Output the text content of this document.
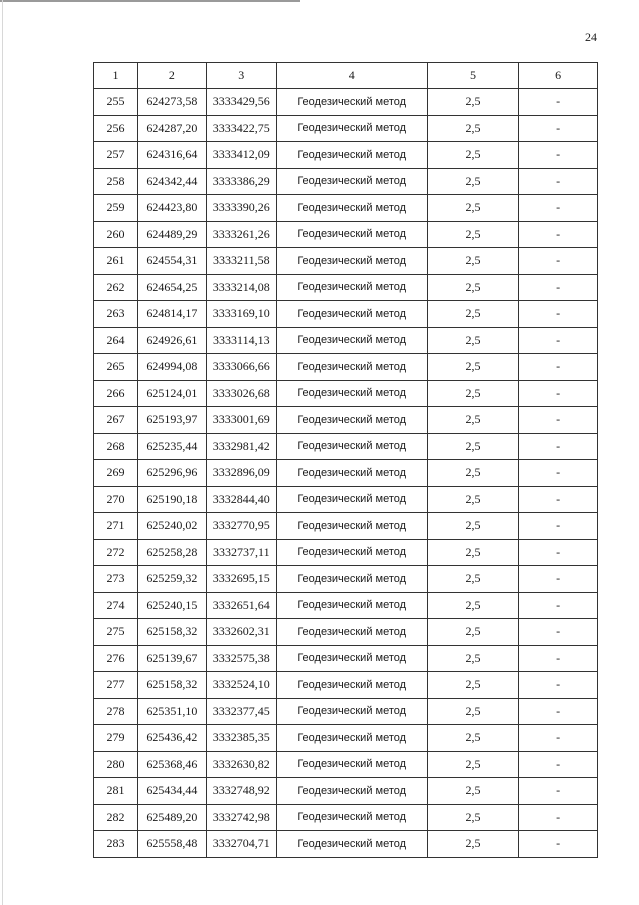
24
1	2	3	4	5	6
255	624273,58	3333429,56	Геодезический метод	2,5	-
256	624287,20	3333422,75	Геодезический метод	2,5	-
257	624316,64	3333412,09	Геодезический метод	2,5	-
258	624342,44	3333386,29	Геодезический метод	2,5	-
259	624423,80	3333390,26	Геодезический метод	2,5	-
260	624489,29	3333261,26	Геодезический метод	2,5	-
261	624554,31	3333211,58	Геодезический метод	2,5	-
262	624654,25	3333214,08	Геодезический метод	2,5	-
263	624814,17	3333169,10	Геодезический метод	2,5	-
264	624926,61	3333114,13	Геодезический метод	2,5	-
265	624994,08	3333066,66	Геодезический метод	2,5	-
266	625124,01	3333026,68	Геодезический метод	2,5	-
267	625193,97	3333001,69	Геодезический метод	2,5	-
268	625235,44	3332981,42	Геодезический метод	2,5	-
269	625296,96	3332896,09	Геодезический метод	2,5	-
270	625190,18	3332844,40	Геодезический метод	2,5	-
271	625240,02	3332770,95	Геодезический метод	2,5	-
272	625258,28	3332737,11	Геодезический метод	2,5	-
273	625259,32	3332695,15	Геодезический метод	2,5	-
274	625240,15	3332651,64	Геодезический метод	2,5	-
275	625158,32	3332602,31	Геодезический метод	2,5	-
276	625139,67	3332575,38	Геодезический метод	2,5	-
277	625158,32	3332524,10	Геодезический метод	2,5	-
278	625351,10	3332377,45	Геодезический метод	2,5	-
279	625436,42	3332385,35	Геодезический метод	2,5	-
280	625368,46	3332630,82	Геодезический метод	2,5	-
281	625434,44	3332748,92	Геодезический метод	2,5	-
282	625489,20	3332742,98	Геодезический метод	2,5	-
283	625558,48	3332704,71	Геодезический метод	2,5	-
